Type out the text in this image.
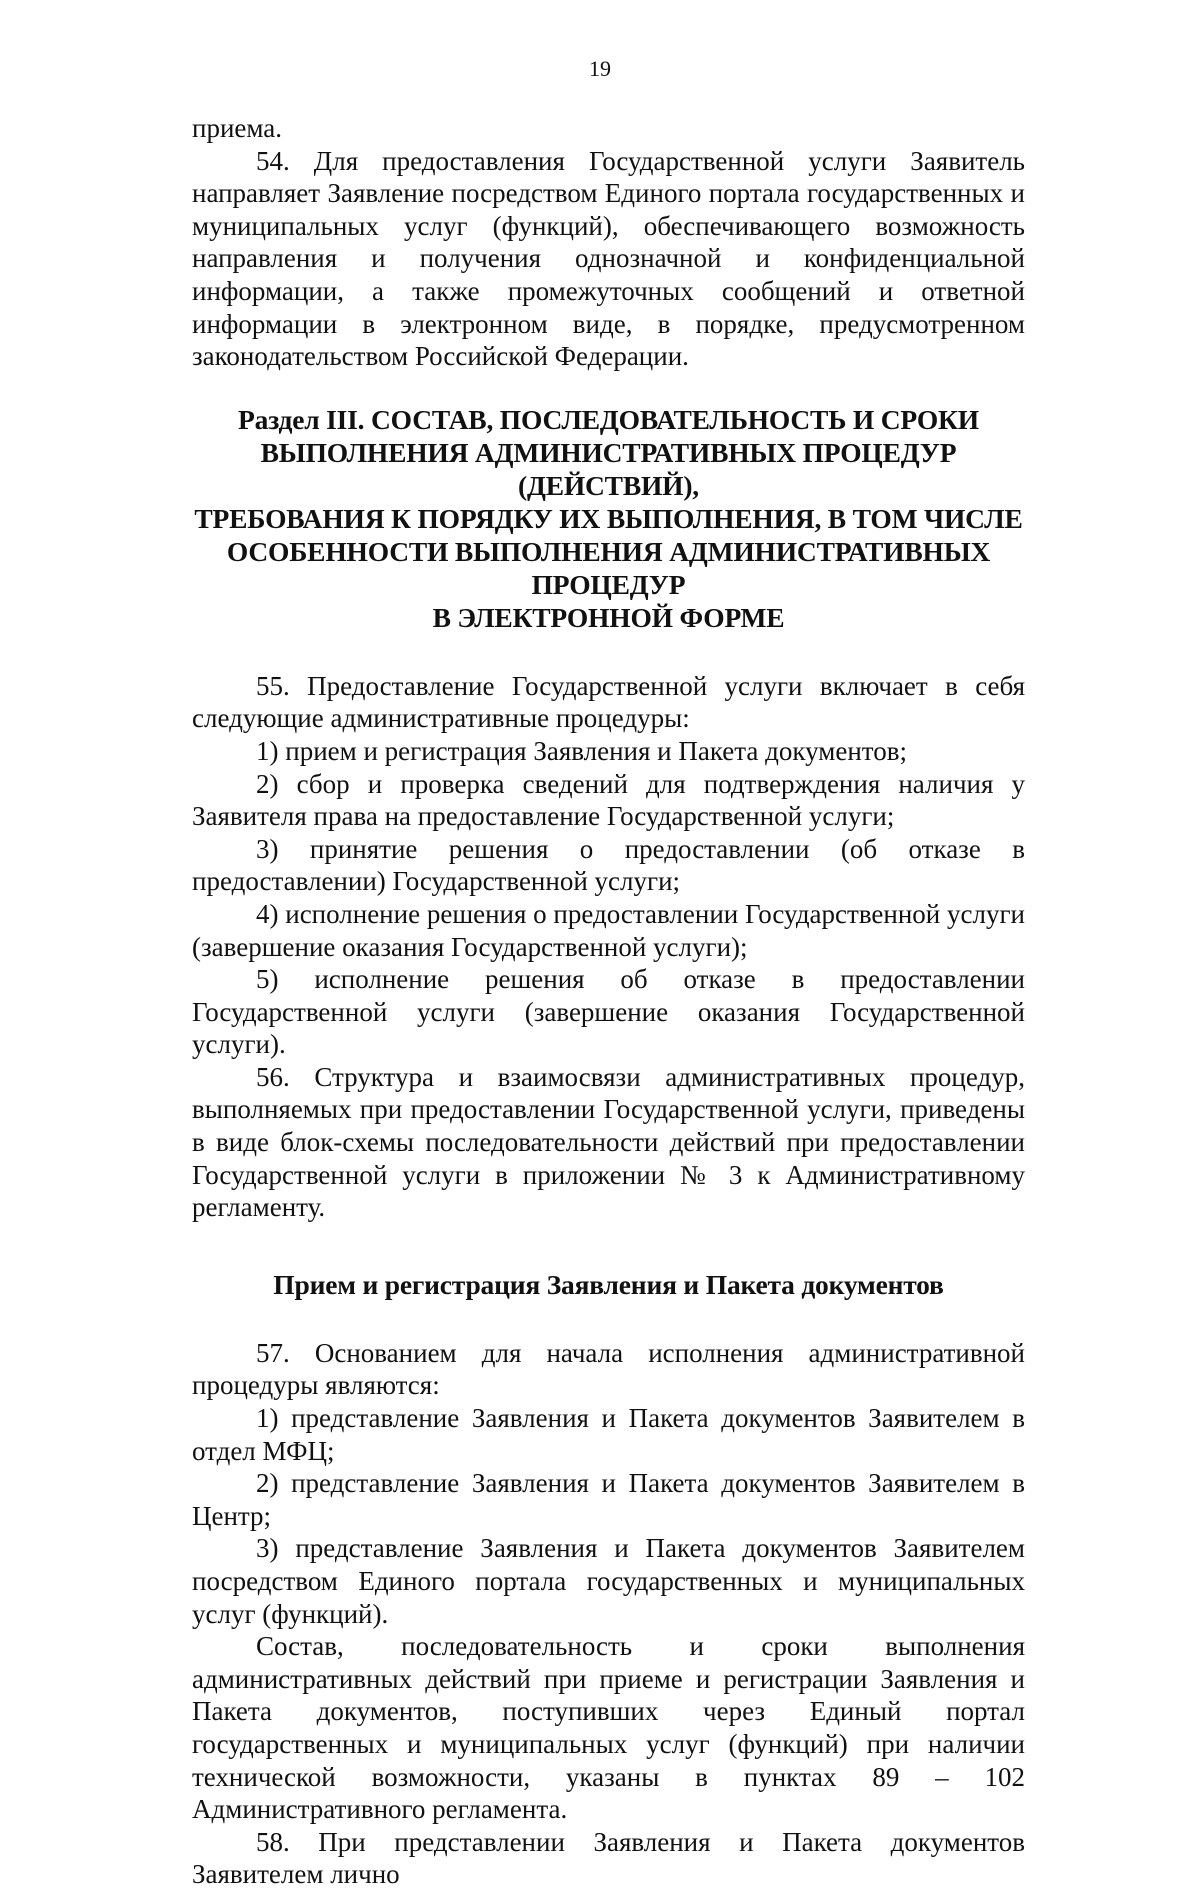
19

приема.

54. Для предоставления Государственной услуги Заявитель направляет Заявление посредством Единого портала государственных и муниципальных услуг (функций), обеспечивающего возможность направления и получения однозначной и конфиденциальной информации, а также промежуточных сообщений и ответной информации в электронном виде, в порядке, предусмотренном законодательством Российской Федерации.

Раздел III. СОСТАВ, ПОСЛЕДОВАТЕЛЬНОСТЬ И СРОКИ
ВЫПОЛНЕНИЯ АДМИНИСТРАТИВНЫХ ПРОЦЕДУР (ДЕЙСТВИЙ),
ТРЕБОВАНИЯ К ПОРЯДКУ ИХ ВЫПОЛНЕНИЯ, В ТОМ ЧИСЛЕ
ОСОБЕННОСТИ ВЫПОЛНЕНИЯ АДМИНИСТРАТИВНЫХ ПРОЦЕДУР
В ЭЛЕКТРОННОЙ ФОРМЕ

55. Предоставление Государственной услуги включает в себя следующие административные процедуры:

1) прием и регистрация Заявления и Пакета документов;

2) сбор и проверка сведений для подтверждения наличия у Заявителя права на предоставление Государственной услуги;

3) принятие решения о предоставлении (об отказе в предоставлении) Государственной услуги;

4) исполнение решения о предоставлении Государственной услуги (завершение оказания Государственной услуги);

5) исполнение решения об отказе в предоставлении Государственной услуги (завершение оказания Государственной услуги).

56. Структура и взаимосвязи административных процедур, выполняемых при предоставлении Государственной услуги, приведены в виде блок-схемы последовательности действий при предоставлении Государственной услуги в приложении № 3 к Административному регламенту.

Прием и регистрация Заявления и Пакета документов

57. Основанием для начала исполнения административной процедуры являются:

1) представление Заявления и Пакета документов Заявителем в отдел МФЦ;

2) представление Заявления и Пакета документов Заявителем в Центр;

3) представление Заявления и Пакета документов Заявителем посредством Единого портала государственных и муниципальных услуг (функций).

Состав, последовательность и сроки выполнения административных действий при приеме и регистрации Заявления и Пакета документов, поступивших через Единый портал государственных и муниципальных услуг (функций) при наличии технической возможности, указаны в пунктах 89 – 102 Административного регламента.

58. При представлении Заявления и Пакета документов Заявителем лично
